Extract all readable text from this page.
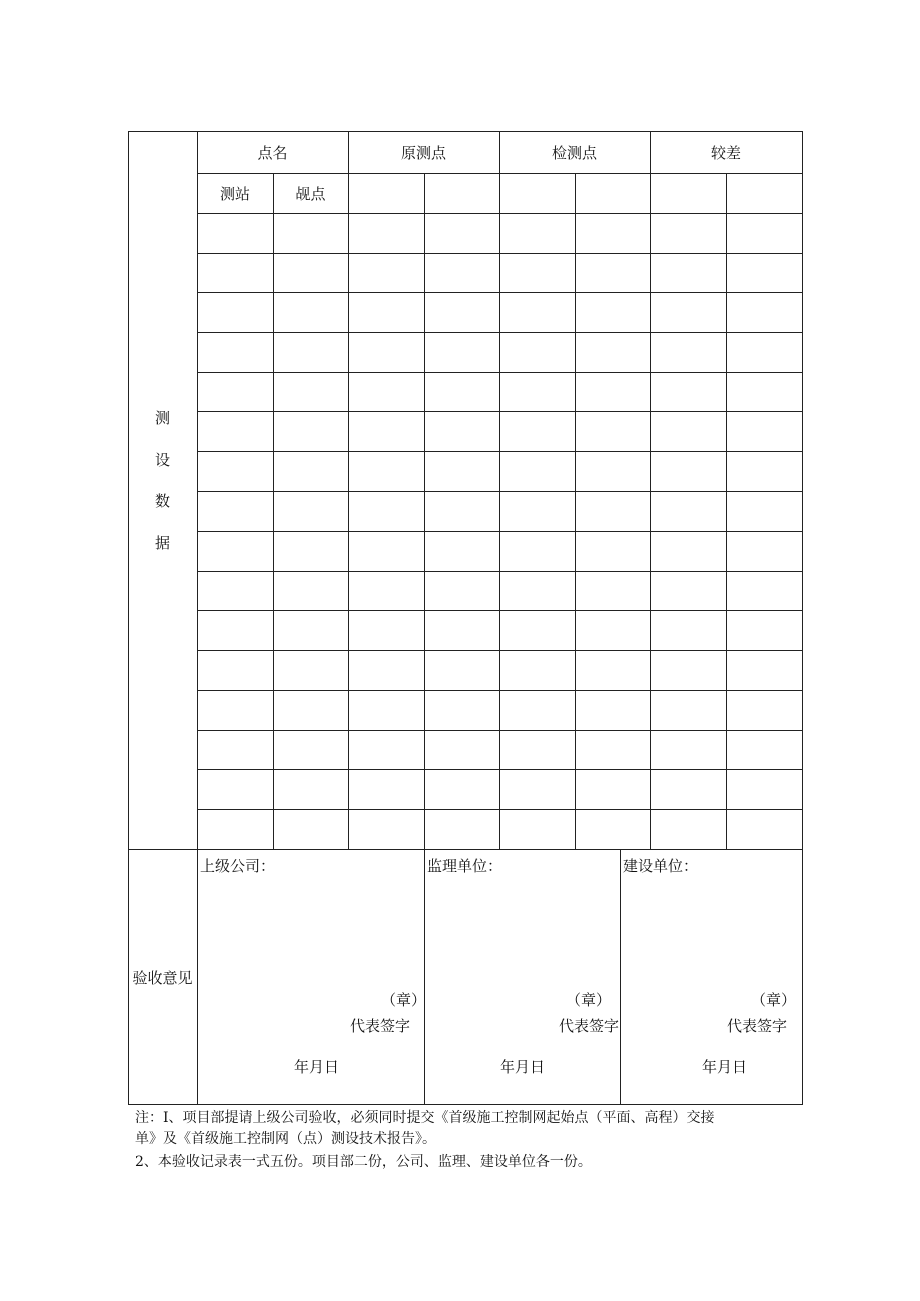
点名	原测点	检测点	较差
测站	觇点
测
设
数
据
验收意见
上级公司：
（章）
代表签字
年月日
监理单位：
（章）
代表签字
年月日
建设单位：
（章）
代表签字
年月日
注：I、项目部提请上级公司验收，必须同时提交《首级施工控制网起始点（平面、高程）交接
单》及《首级施工控制网（点）测设技术报告》。
2、本验收记录表一式五份。项目部二份，公司、监理、建设单位各一份。
